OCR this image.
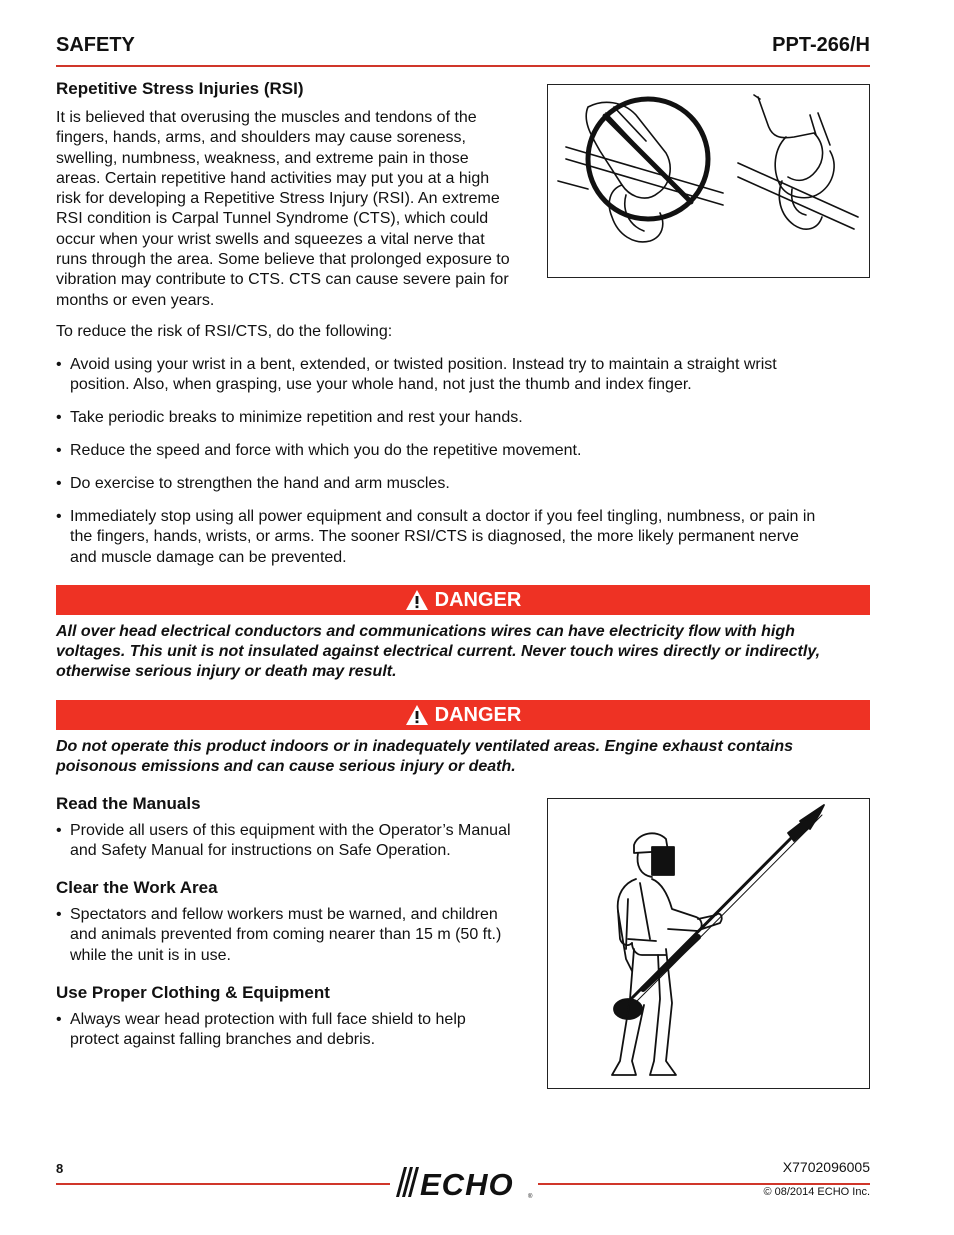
SAFETY	PPT-266/H
Repetitive Stress Injuries (RSI)
It is believed that overusing the muscles and tendons of the
fingers, hands, arms, and shoulders may cause soreness,
swelling, numbness, weakness, and extreme pain in those
areas. Certain repetitive hand activities may put you at a high
risk for developing a Repetitive Stress Injury (RSI). An extreme
RSI condition is Carpal Tunnel Syndrome (CTS), which could
occur when your wrist swells and squeezes a vital nerve that
runs through the area. Some believe that prolonged exposure to
vibration may contribute to CTS. CTS can cause severe pain for
months or even years.
To reduce the risk of RSI/CTS, do the following:
• Avoid using your wrist in a bent, extended, or twisted position. Instead try to maintain a straight wrist
position. Also, when grasping, use your whole hand, not just the thumb and index finger.
• Take periodic breaks to minimize repetition and rest your hands.
• Reduce the speed and force with which you do the repetitive movement.
• Do exercise to strengthen the hand and arm muscles.
• Immediately stop using all power equipment and consult a doctor if you feel tingling, numbness, or pain in
the fingers, hands, wrists, or arms. The sooner RSI/CTS is diagnosed, the more likely permanent nerve
and muscle damage can be prevented.
DANGER
All over head electrical conductors and communications wires can have electricity flow with high
voltages. This unit is not insulated against electrical current. Never touch wires directly or indirectly,
otherwise serious injury or death may result.
DANGER
Do not operate this product indoors or in inadequately ventilated areas. Engine exhaust contains
poisonous emissions and can cause serious injury or death.
Read the Manuals
• Provide all users of this equipment with the Operator’s Manual
and Safety Manual for instructions on Safe Operation.
Clear the Work Area
• Spectators and fellow workers must be warned, and children
and animals prevented from coming nearer than 15 m (50 ft.)
while the unit is in use.
Use Proper Clothing & Equipment
• Always wear head protection with full face shield to help
protect against falling branches and debris.
8	ECHO ®
X7702096005
© 08/2014 ECHO Inc.
